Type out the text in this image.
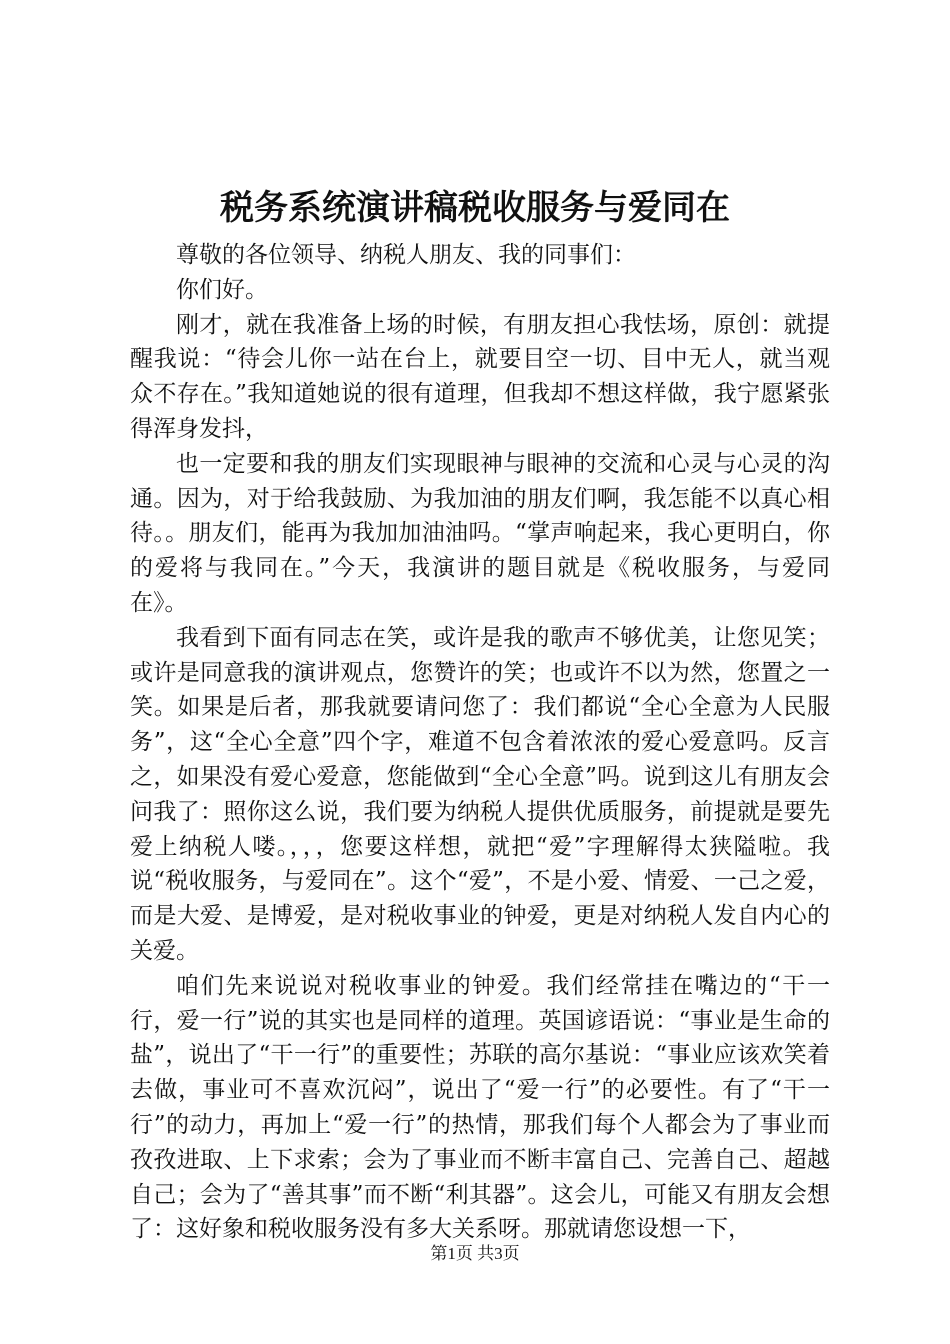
税务系统演讲稿税收服务与爱同在

尊敬的各位领导、纳税人朋友、我的同事们：

你们好。

刚才，就在我准备上场的时候，有朋友担心我怯场，原创：就提醒我说：“待会儿你一站在台上，就要目空一切、目中无人，就当观众不存在。”我知道她说的很有道理，但我却不想这样做，我宁愿紧张得浑身发抖，

也一定要和我的朋友们实现眼神与眼神的交流和心灵与心灵的沟通。因为，对于给我鼓励、为我加油的朋友们啊，我怎能不以真心相待。。朋友们，能再为我加加油油吗。“掌声响起来，我心更明白，你的爱将与我同在。”今天，我演讲的题目就是《税收服务，与爱同在》。

我看到下面有同志在笑，或许是我的歌声不够优美，让您见笑；或许是同意我的演讲观点，您赞许的笑；也或许不以为然，您置之一笑。如果是后者，那我就要请问您了：我们都说“全心全意为人民服务”，这“全心全意”四个字，难道不包含着浓浓的爱心爱意吗。反言之，如果没有爱心爱意，您能做到“全心全意”吗。说到这儿有朋友会问我了：照你这么说，我们要为纳税人提供优质服务，前提就是要先爱上纳税人喽。，，，您要这样想，就把“爱”字理解得太狭隘啦。我说“税收服务，与爱同在”。这个“爱”，不是小爱、情爱、一己之爱，而是大爱、是博爱，是对税收事业的钟爱，更是对纳税人发自内心的关爱。

咱们先来说说对税收事业的钟爱。我们经常挂在嘴边的“干一行，爱一行”说的其实也是同样的道理。英国谚语说：“事业是生命的盐”，说出了“干一行”的重要性；苏联的高尔基说：“事业应该欢笑着去做，事业可不喜欢沉闷”，说出了“爱一行”的必要性。有了“干一行”的动力，再加上“爱一行”的热情，那我们每个人都会为了事业而孜孜进取、上下求索；会为了事业而不断丰富自己、完善自己、超越自己；会为了“善其事”而不断“利其器”。这会儿，可能又有朋友会想了：这好象和税收服务没有多大关系呀。那就请您设想一下，

第1页 共3页
